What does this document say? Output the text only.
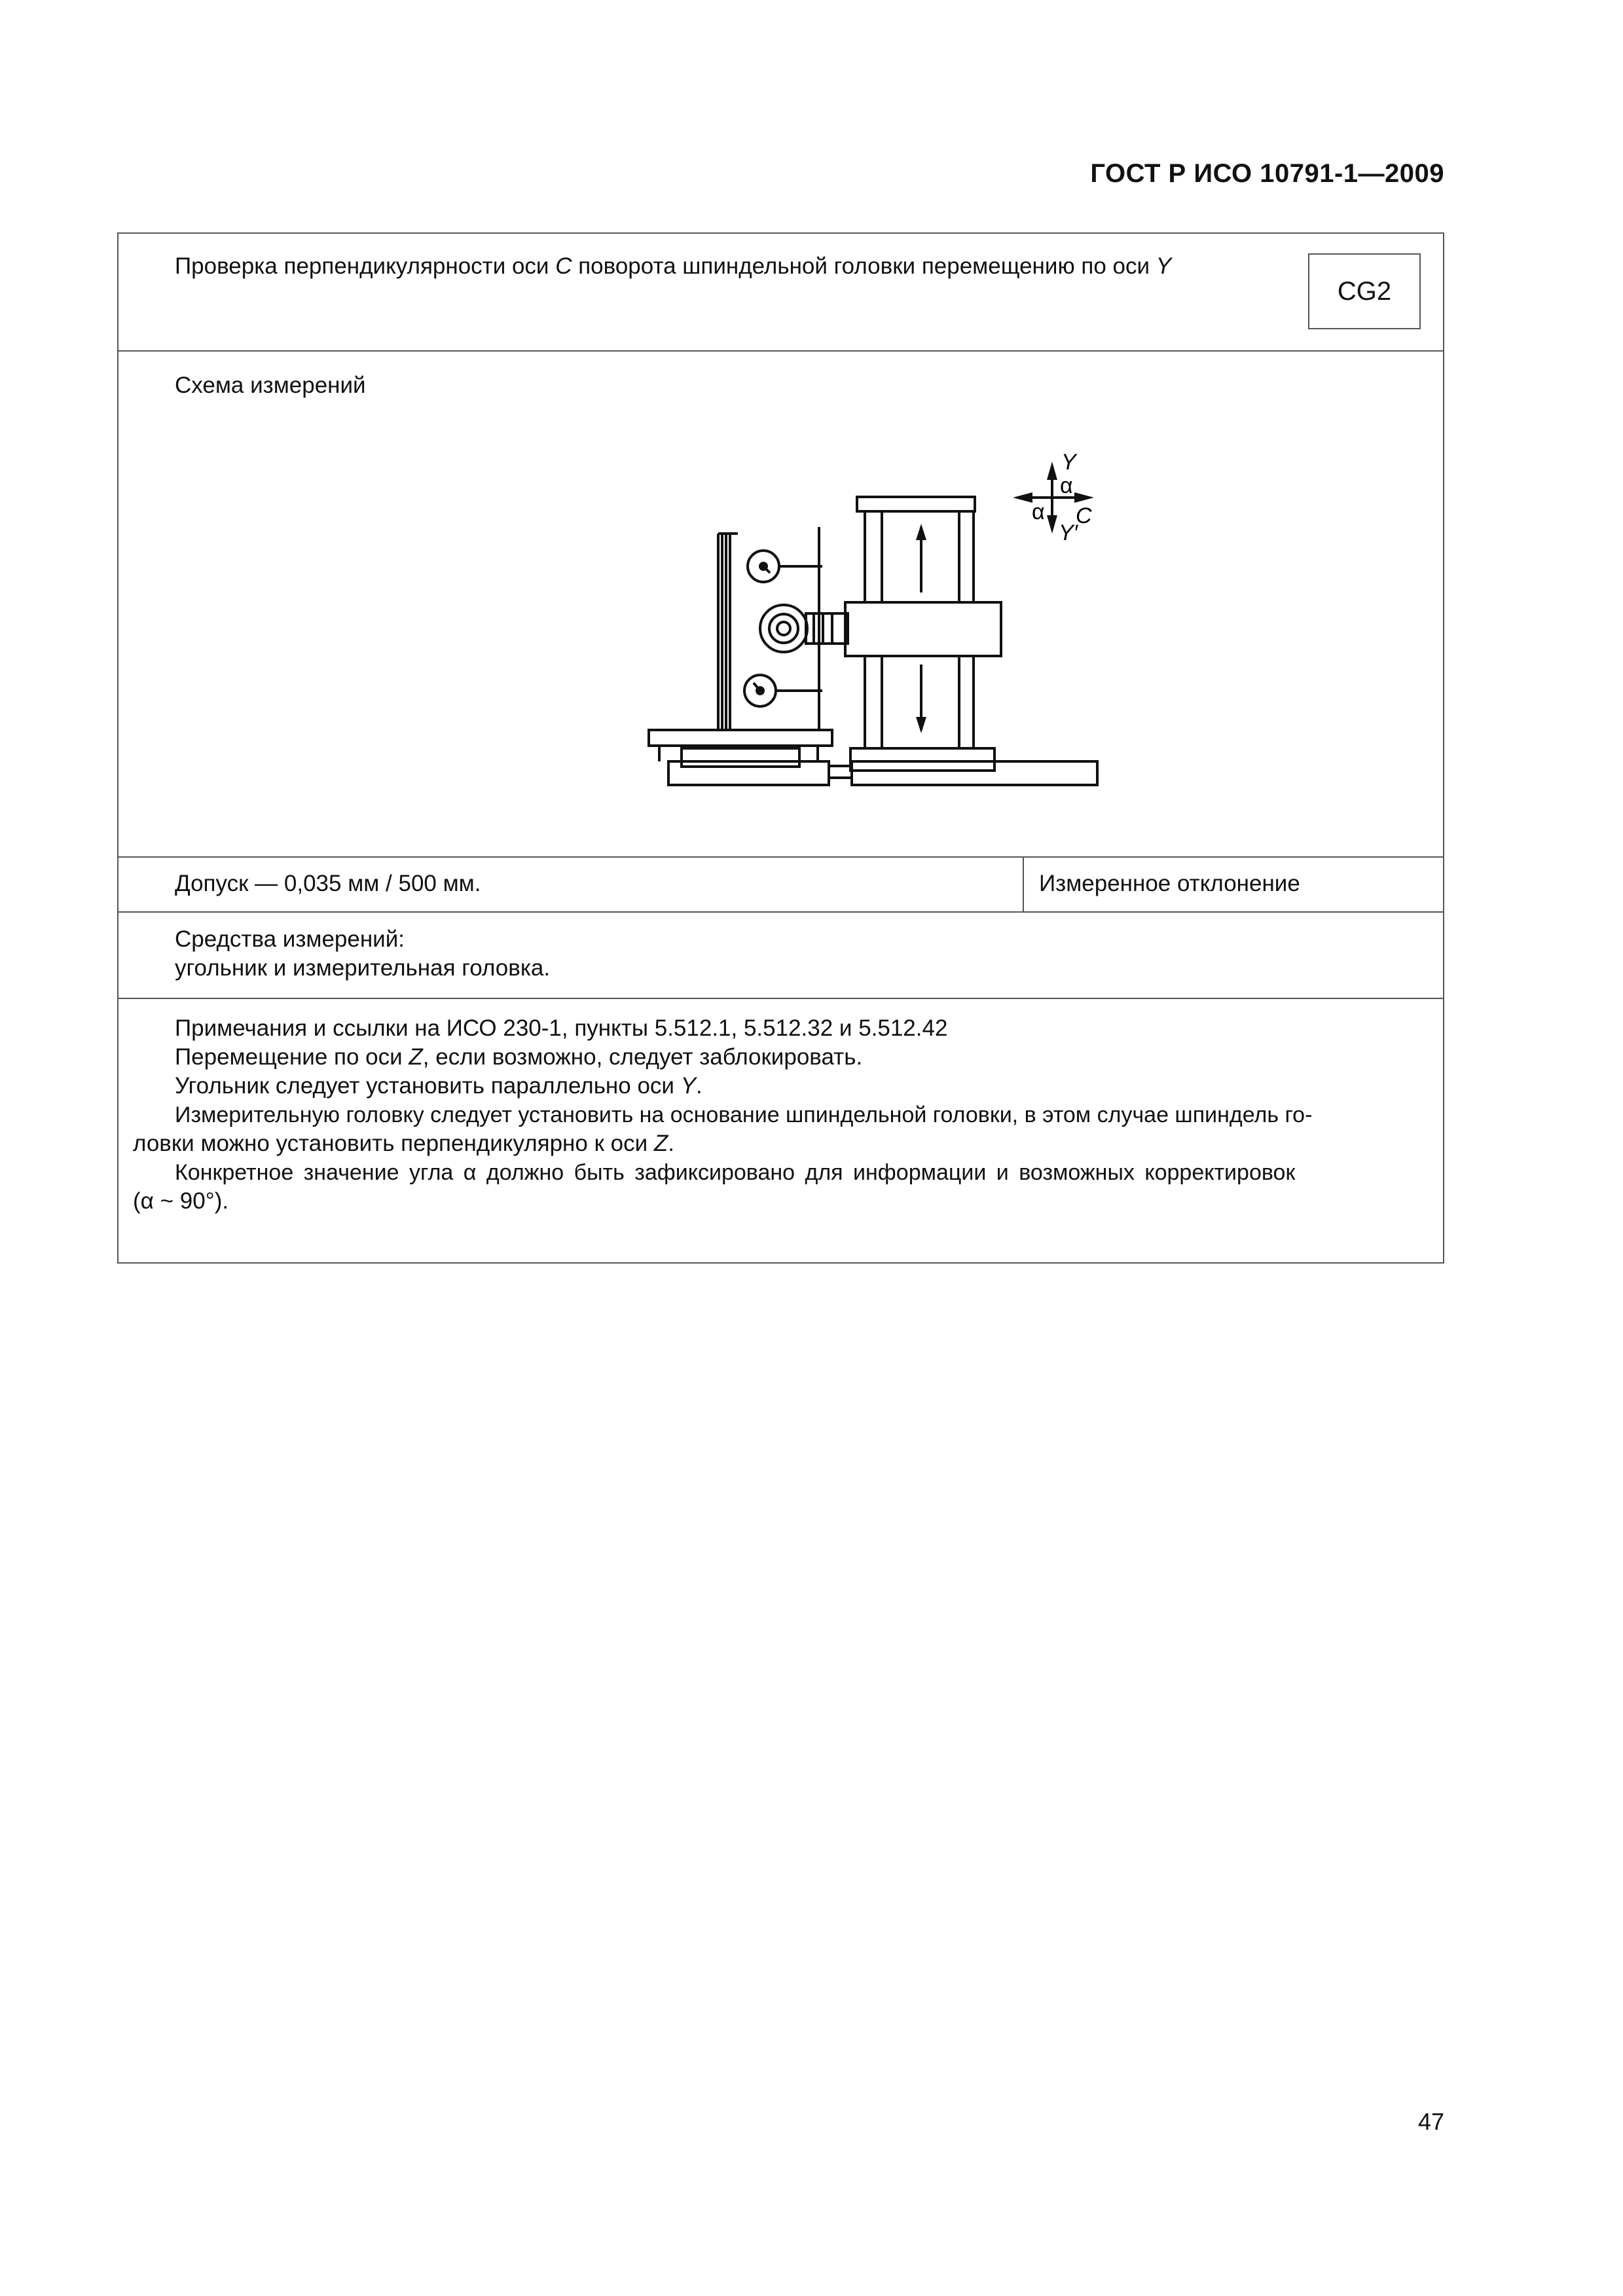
ГОСТ Р ИСО 10791-1—2009
Проверка перпендикулярности оси C поворота шпиндельной головки перемещению по оси Y
CG2
Схема измерений
Y
α
α C
Y′
Допуск — 0,035 мм / 500 мм.	Измеренное отклонение
Средства измерений:
угольник и измерительная головка.
Примечания и ссылки на ИСО 230-1, пункты 5.512.1, 5.512.32 и 5.512.42
Перемещение по оси Z, если возможно, следует заблокировать.
Угольник следует установить параллельно оси Y.
Измерительную головку следует установить на основание шпиндельной головки, в этом случае шпиндель го-
ловки можно установить перпендикулярно к оси Z.
Конкретное значение угла α должно быть зафиксировано для информации и возможных корректировок
(α ~ 90°).
47
